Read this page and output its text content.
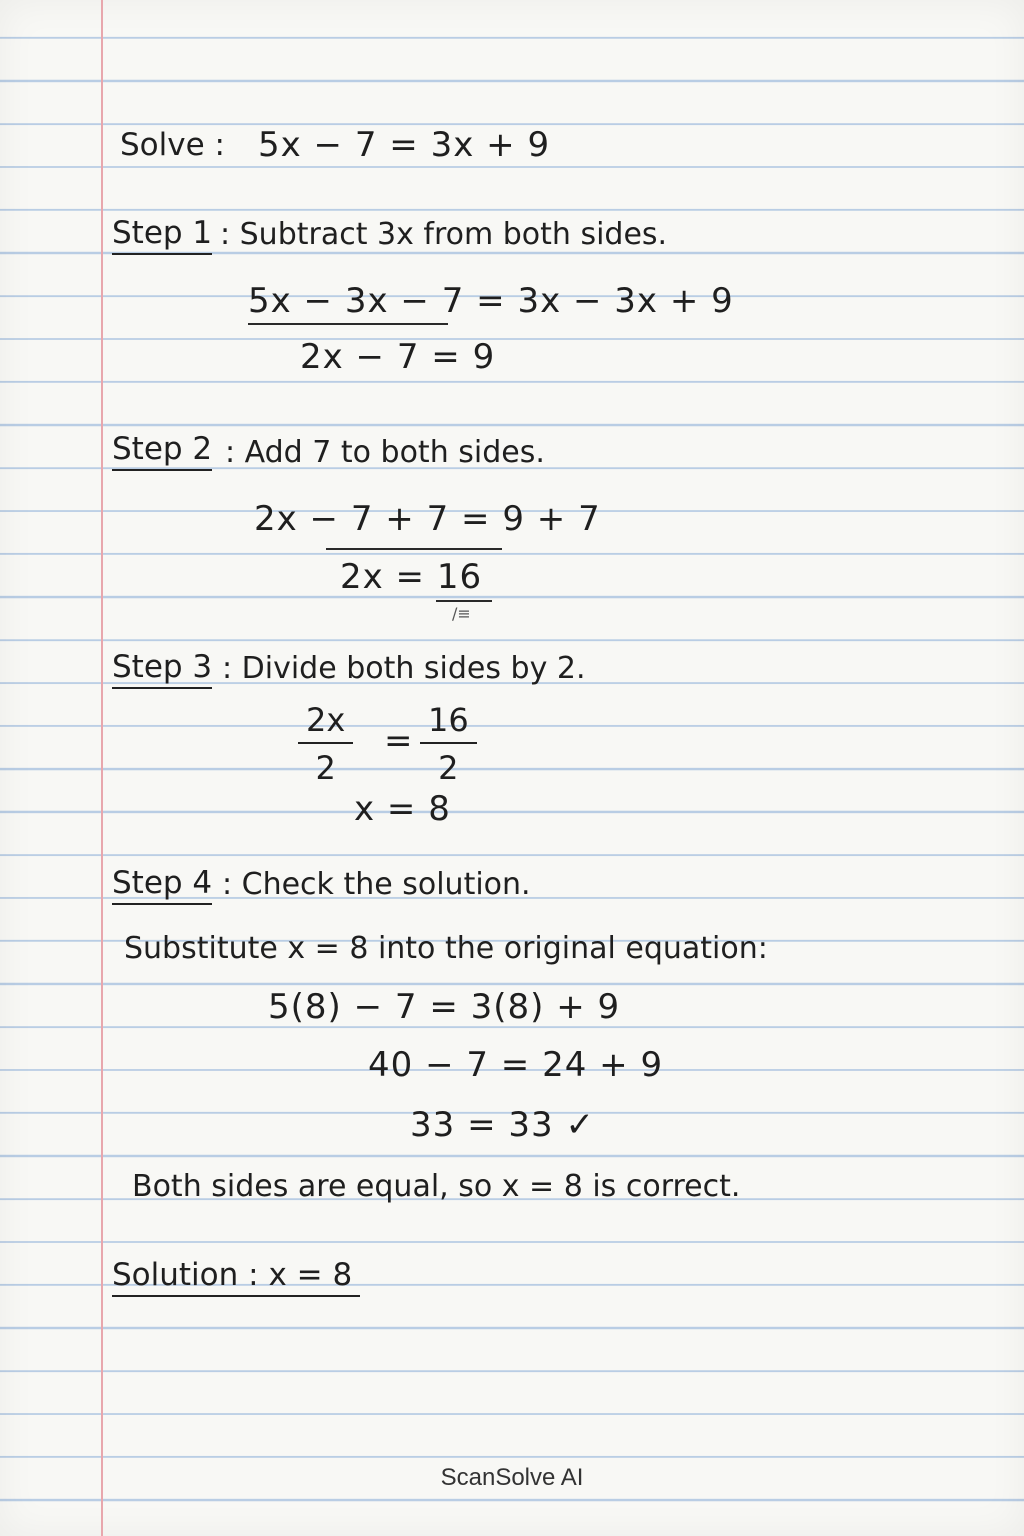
Solve : 5x − 7 = 3x + 9
Step 1 : Subtract 3x from both sides.
5x − 3x − 7 = 3x − 3x + 9
2x − 7 = 9
Step 2 : Add 7 to both sides.
2x − 7 + 7 = 9 + 7
2x = 16
/≡
Step 3 : Divide both sides by 2.
$\frac{2x}{2} = \frac{16}{2}$
x = 8
Step 4 : Check the solution.
Substitute x = 8 into the original equation:
5(8) − 7 = 3(8) + 9
40 − 7 = 24 + 9
33 = 33 ✓
Both sides are equal, so x = 8 is correct.
Solution : x = 8
ScanSolve AI
